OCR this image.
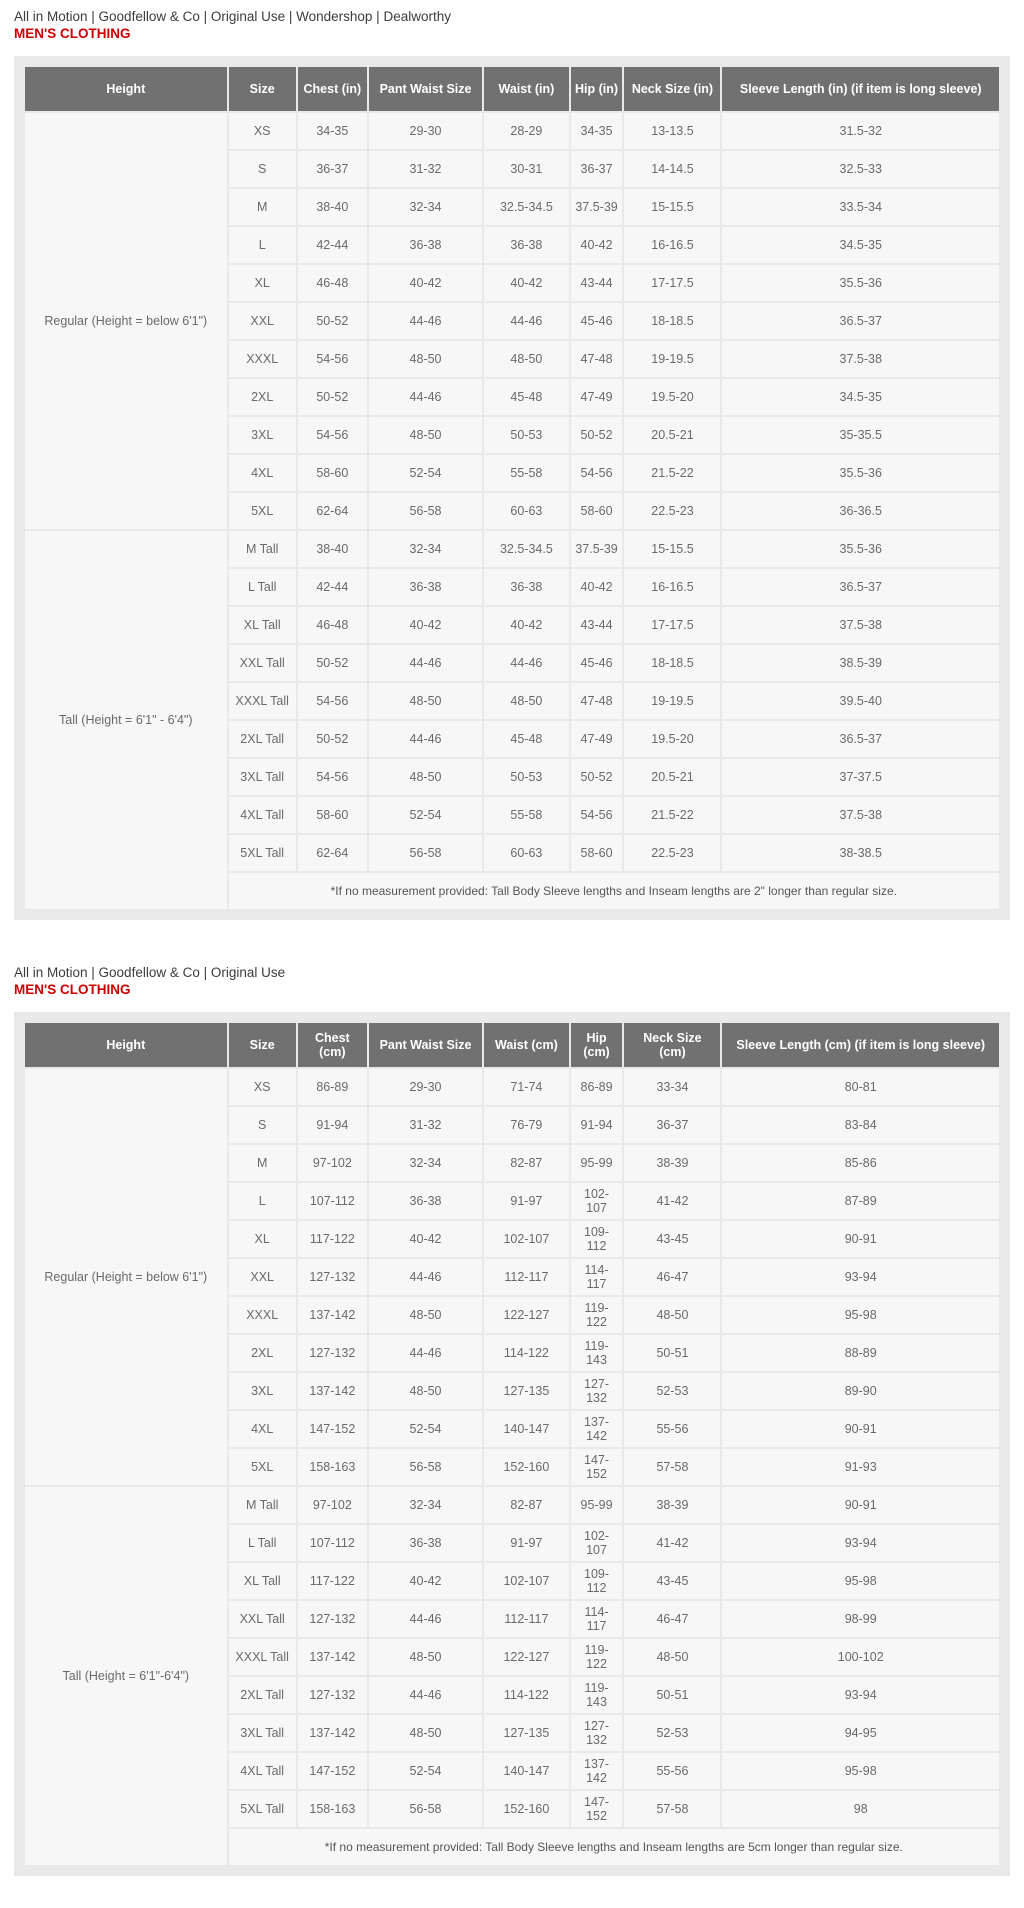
All in Motion | Goodfellow & Co | Original Use | Wondershop | Dealworthy
MEN'S CLOTHING
Height	Size	Chest (in)	Pant Waist Size	Waist (in)	Hip (in)	Neck Size (in)	Sleeve Length (in) (if item is long sleeve)
Regular (Height = below 6'1")	XS	34-35	29-30	28-29	34-35	13-13.5	31.5-32
	S	36-37	31-32	30-31	36-37	14-14.5	32.5-33
	M	38-40	32-34	32.5-34.5	37.5-39	15-15.5	33.5-34
	L	42-44	36-38	36-38	40-42	16-16.5	34.5-35
	XL	46-48	40-42	40-42	43-44	17-17.5	35.5-36
	XXL	50-52	44-46	44-46	45-46	18-18.5	36.5-37
	XXXL	54-56	48-50	48-50	47-48	19-19.5	37.5-38
	2XL	50-52	44-46	45-48	47-49	19.5-20	34.5-35
	3XL	54-56	48-50	50-53	50-52	20.5-21	35-35.5
	4XL	58-60	52-54	55-58	54-56	21.5-22	35.5-36
	5XL	62-64	56-58	60-63	58-60	22.5-23	36-36.5
Tall (Height = 6'1" - 6'4")	M Tall	38-40	32-34	32.5-34.5	37.5-39	15-15.5	35.5-36
	L Tall	42-44	36-38	36-38	40-42	16-16.5	36.5-37
	XL Tall	46-48	40-42	40-42	43-44	17-17.5	37.5-38
	XXL Tall	50-52	44-46	44-46	45-46	18-18.5	38.5-39
	XXXL Tall	54-56	48-50	48-50	47-48	19-19.5	39.5-40
	2XL Tall	50-52	44-46	45-48	47-49	19.5-20	36.5-37
	3XL Tall	54-56	48-50	50-53	50-52	20.5-21	37-37.5
	4XL Tall	58-60	52-54	55-58	54-56	21.5-22	37.5-38
	5XL Tall	62-64	56-58	60-63	58-60	22.5-23	38-38.5
	*If no measurement provided: Tall Body Sleeve lengths and Inseam lengths are 2" longer than regular size.						
All in Motion | Goodfellow & Co | Original Use
MEN'S CLOTHING
Height	Size	Chest (cm)	Pant Waist Size	Waist (cm)	Hip (cm)	Neck Size (cm)	Sleeve Length (cm) (if item is long sleeve)
Regular (Height = below 6'1")	XS	86-89	29-30	71-74	86-89	33-34	80-81
	S	91-94	31-32	76-79	91-94	36-37	83-84
	M	97-102	32-34	82-87	95-99	38-39	85-86
	L	107-112	36-38	91-97	102-107	41-42	87-89
	XL	117-122	40-42	102-107	109-112	43-45	90-91
	XXL	127-132	44-46	112-117	114-117	46-47	93-94
	XXXL	137-142	48-50	122-127	119-122	48-50	95-98
	2XL	127-132	44-46	114-122	119-143	50-51	88-89
	3XL	137-142	48-50	127-135	127-132	52-53	89-90
	4XL	147-152	52-54	140-147	137-142	55-56	90-91
	5XL	158-163	56-58	152-160	147-152	57-58	91-93
Tall (Height = 6'1"-6'4")	M Tall	97-102	32-34	82-87	95-99	38-39	90-91
	L Tall	107-112	36-38	91-97	102-107	41-42	93-94
	XL Tall	117-122	40-42	102-107	109-112	43-45	95-98
	XXL Tall	127-132	44-46	112-117	114-117	46-47	98-99
	XXXL Tall	137-142	48-50	122-127	119-122	48-50	100-102
	2XL Tall	127-132	44-46	114-122	119-143	50-51	93-94
	3XL Tall	137-142	48-50	127-135	127-132	52-53	94-95
	4XL Tall	147-152	52-54	140-147	137-142	55-56	95-98
	5XL Tall	158-163	56-58	152-160	147-152	57-58	98
	*If no measurement provided: Tall Body Sleeve lengths and Inseam lengths are 5cm longer than regular size.						
